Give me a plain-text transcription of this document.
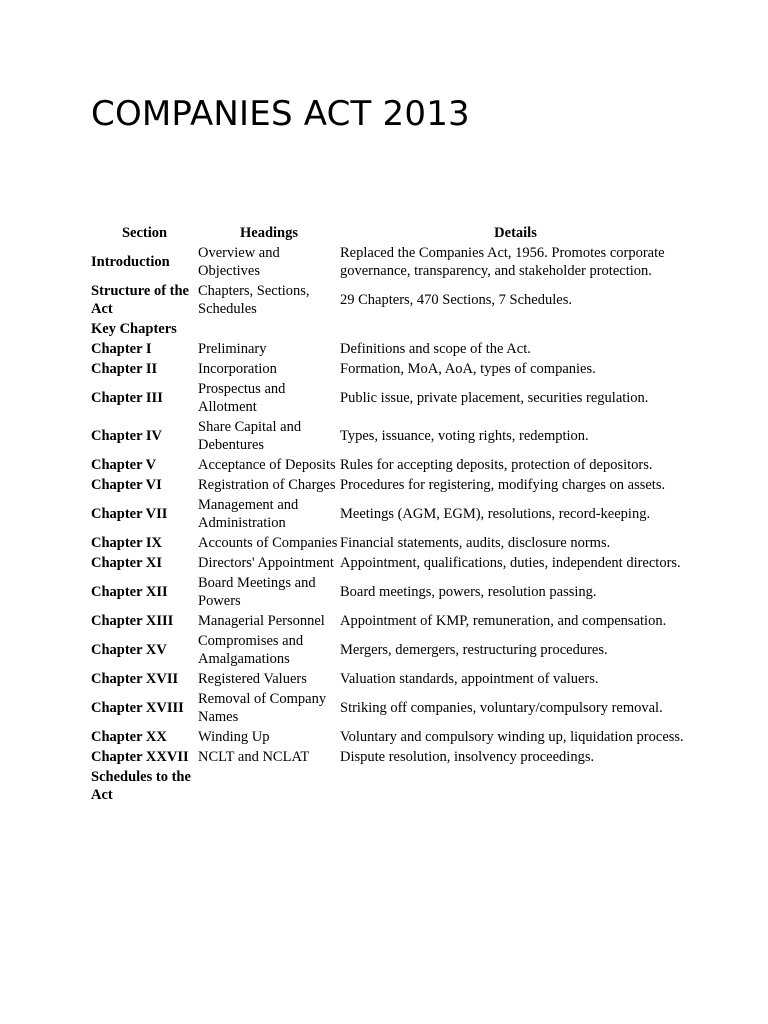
COMPANIES ACT 2013
Section	Headings	Details
Introduction	Overview and Objectives	Replaced the Companies Act, 1956. Promotes corporate governance, transparency, and stakeholder protection.
Structure of the Act	Chapters, Sections, Schedules	29 Chapters, 470 Sections, 7 Schedules.
Key Chapters		
Chapter I	Preliminary	Definitions and scope of the Act.
Chapter II	Incorporation	Formation, MoA, AoA, types of companies.
Chapter III	Prospectus and Allotment	Public issue, private placement, securities regulation.
Chapter IV	Share Capital and Debentures	Types, issuance, voting rights, redemption.
Chapter V	Acceptance of Deposits	Rules for accepting deposits, protection of depositors.
Chapter VI	Registration of Charges	Procedures for registering, modifying charges on assets.
Chapter VII	Management and Administration	Meetings (AGM, EGM), resolutions, record-keeping.
Chapter IX	Accounts of Companies	Financial statements, audits, disclosure norms.
Chapter XI	Directors' Appointment	Appointment, qualifications, duties, independent directors.
Chapter XII	Board Meetings and Powers	Board meetings, powers, resolution passing.
Chapter XIII	Managerial Personnel	Appointment of KMP, remuneration, and compensation.
Chapter XV	Compromises and Amalgamations	Mergers, demergers, restructuring procedures.
Chapter XVII	Registered Valuers	Valuation standards, appointment of valuers.
Chapter XVIII	Removal of Company Names	Striking off companies, voluntary/compulsory removal.
Chapter XX	Winding Up	Voluntary and compulsory winding up, liquidation process.
Chapter XXVII	NCLT and NCLAT	Dispute resolution, insolvency proceedings.
Schedules to the Act		
